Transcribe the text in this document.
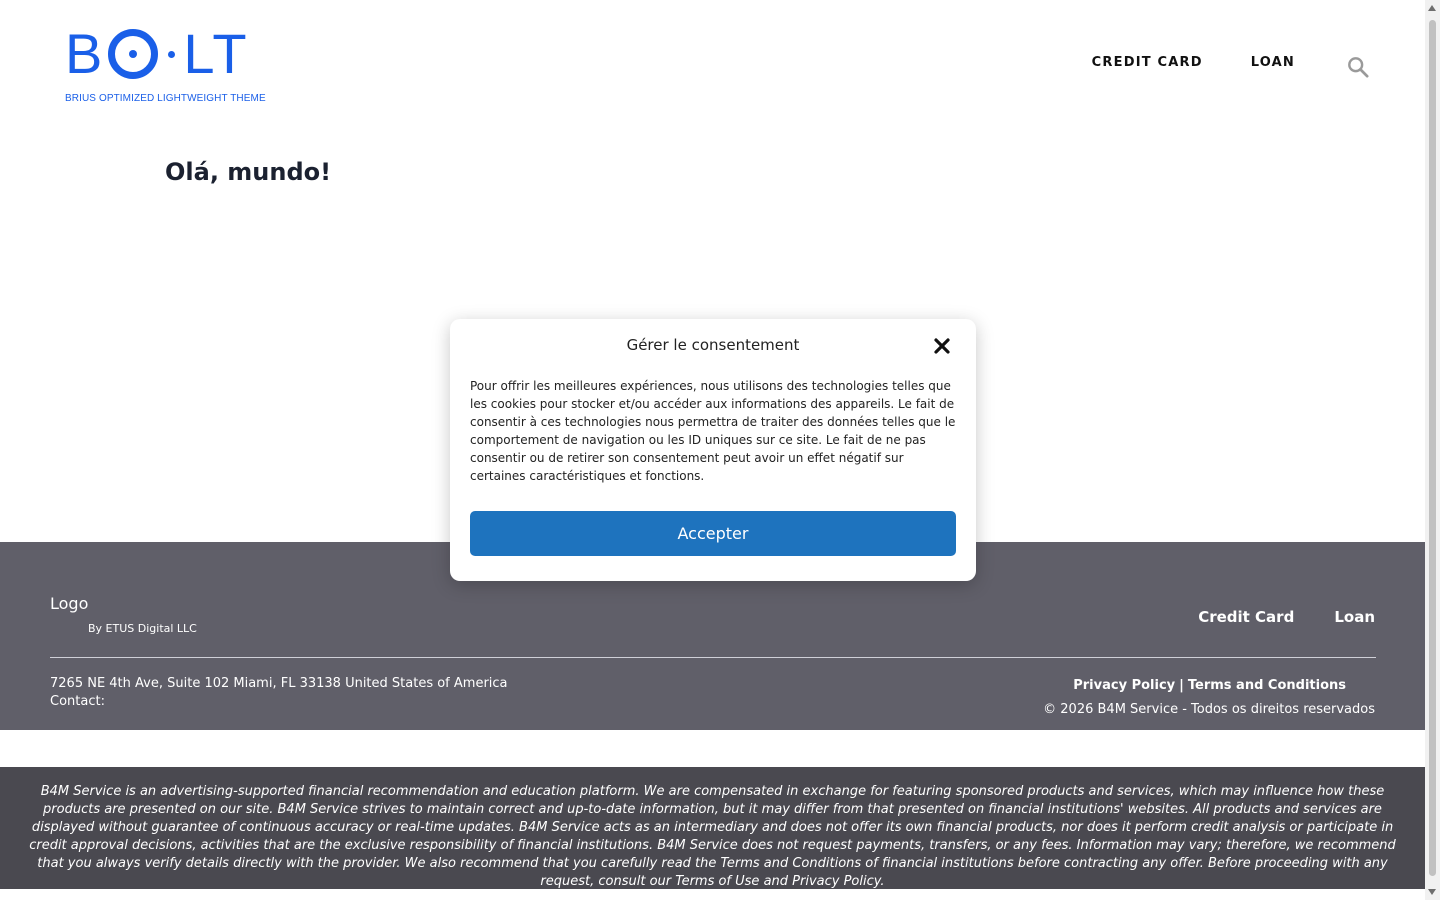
B LT
BRIUS OPTIMIZED LIGHTWEIGHT THEME
CREDIT CARD	LOAN
Olá, mundo!
Logo
By ETUS Digital LLC
Credit Card	Loan
7265 NE 4th Ave, Suite 102 Miami, FL 33138 United States of America
Contact:
Privacy Policy | Terms and Conditions
© 2026 B4M Service - Todos os direitos reservados
B4M Service is an advertising-supported financial recommendation and education platform. We are compensated in exchange for featuring sponsored products and services, which may influence how these products are presented on our site. B4M Service strives to maintain correct and up-to-date information, but it may differ from that presented on financial institutions' websites. All products and services are displayed without guarantee of continuous accuracy or real-time updates. B4M Service acts as an intermediary and does not offer its own financial products, nor does it perform credit analysis or participate in credit approval decisions, activities that are the exclusive responsibility of financial institutions. B4M Service does not request payments, transfers, or any fees. Information may vary; therefore, we recommend that you always verify details directly with the provider. We also recommend that you carefully read the Terms and Conditions of financial institutions before contracting any offer. Before proceeding with any request, consult our Terms of Use and Privacy Policy.
Gérer le consentement

Pour offrir les meilleures expériences, nous utilisons des technologies telles que les cookies pour stocker et/ou accéder aux informations des appareils. Le fait de consentir à ces technologies nous permettra de traiter des données telles que le comportement de navigation ou les ID uniques sur ce site. Le fait de ne pas consentir ou de retirer son consentement peut avoir un effet négatif sur certaines caractéristiques et fonctions.

Accepter
